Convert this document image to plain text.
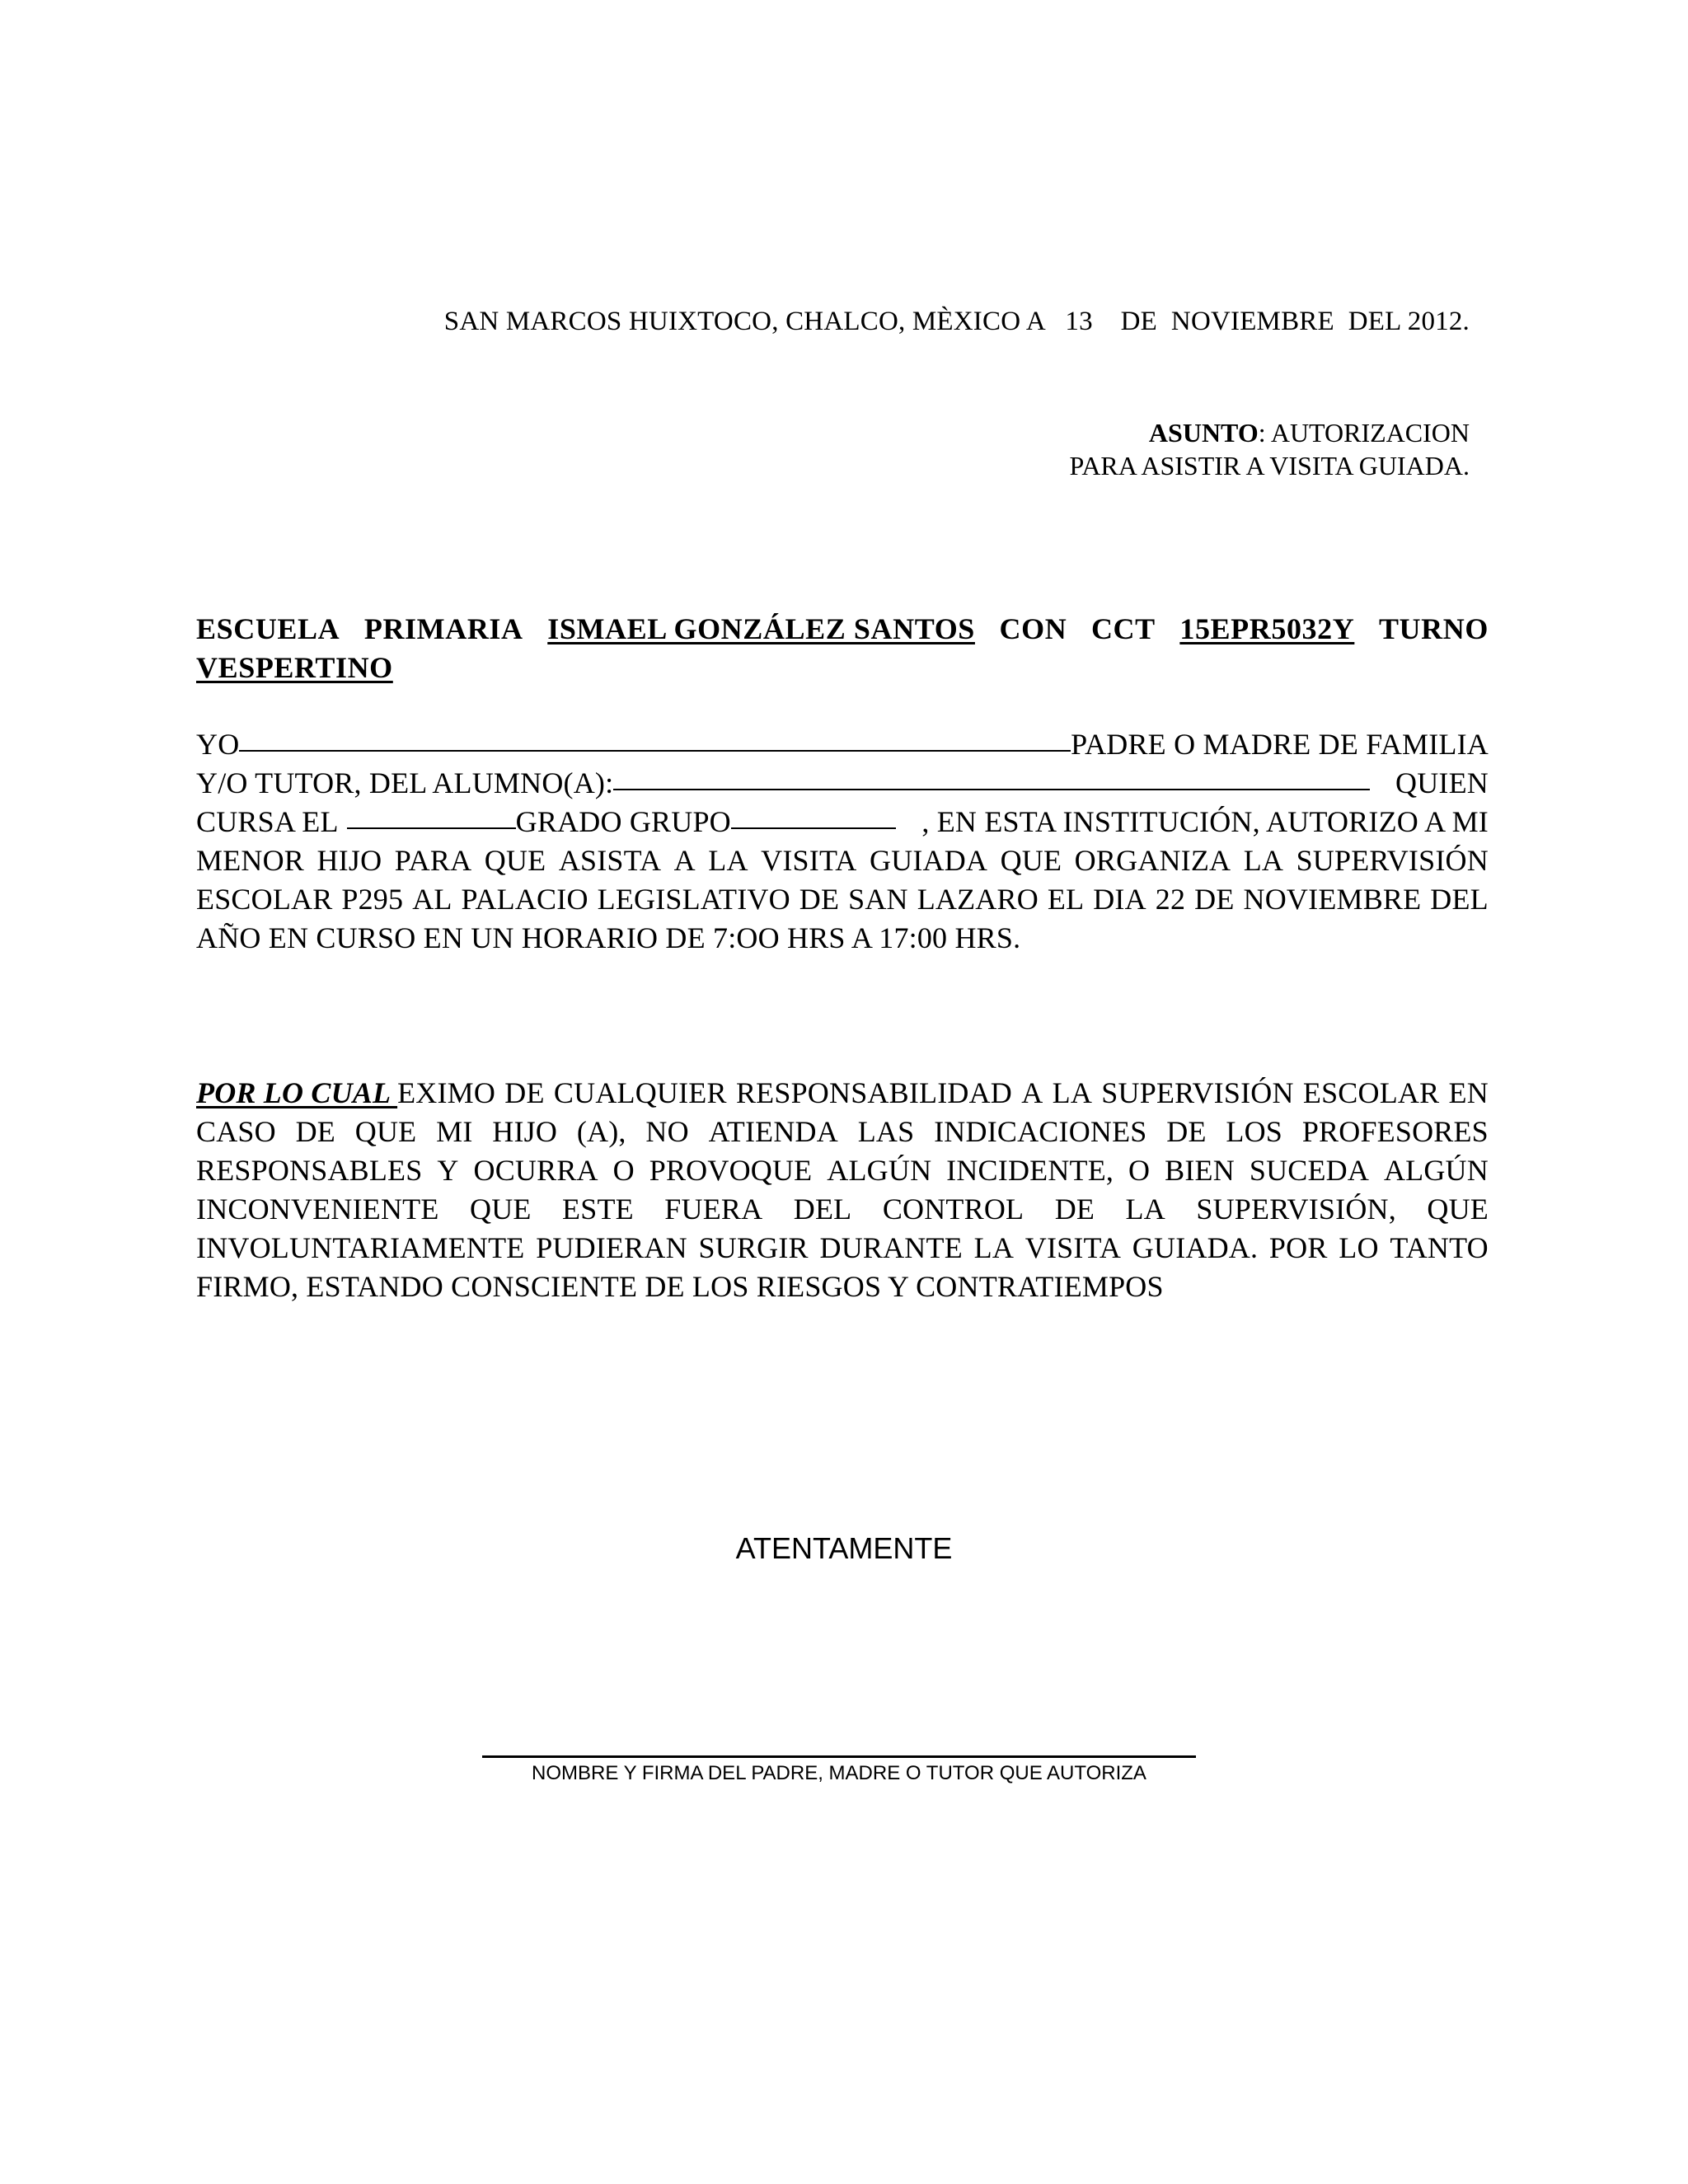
SAN MARCOS HUIXTOCO, CHALCO, MÈXICO A   13    DE  NOVIEMBRE  DEL 2012.
ASUNTO: AUTORIZACION
PARA ASISTIR A VISITA GUIADA.
ESCUELA PRIMARIA ISMAEL GONZÁLEZ SANTOS CON CCT 15EPR5032Y TURNO
VESPERTINO
YO	PADRE O MADRE DE FAMILIA
Y/O TUTOR, DEL ALUMNO(A):	QUIEN
CURSA EL	GRADO GRUPO	, EN ESTA INSTITUCIÓN, AUTORIZO A MI
MENOR HIJO PARA QUE ASISTA A LA VISITA GUIADA QUE ORGANIZA LA SUPERVISIÓN
ESCOLAR P295 AL PALACIO LEGISLATIVO DE SAN LAZARO EL DIA 22 DE NOVIEMBRE DEL
AÑO EN CURSO EN UN HORARIO DE 7:OO HRS A 17:00 HRS.
POR LO CUAL EXIMO DE CUALQUIER RESPONSABILIDAD A LA SUPERVISIÓN ESCOLAR EN
CASO DE QUE MI HIJO (A), NO ATIENDA LAS INDICACIONES DE LOS PROFESORES
RESPONSABLES Y OCURRA O PROVOQUE ALGÚN INCIDENTE, O BIEN SUCEDA ALGÚN
INCONVENIENTE QUE ESTE FUERA DEL CONTROL DE LA SUPERVISIÓN, QUE
INVOLUNTARIAMENTE PUDIERAN SURGIR DURANTE LA VISITA GUIADA. POR LO TANTO
FIRMO, ESTANDO CONSCIENTE DE LOS RIESGOS Y CONTRATIEMPOS
ATENTAMENTE
NOMBRE Y FIRMA DEL PADRE, MADRE O TUTOR QUE AUTORIZA
